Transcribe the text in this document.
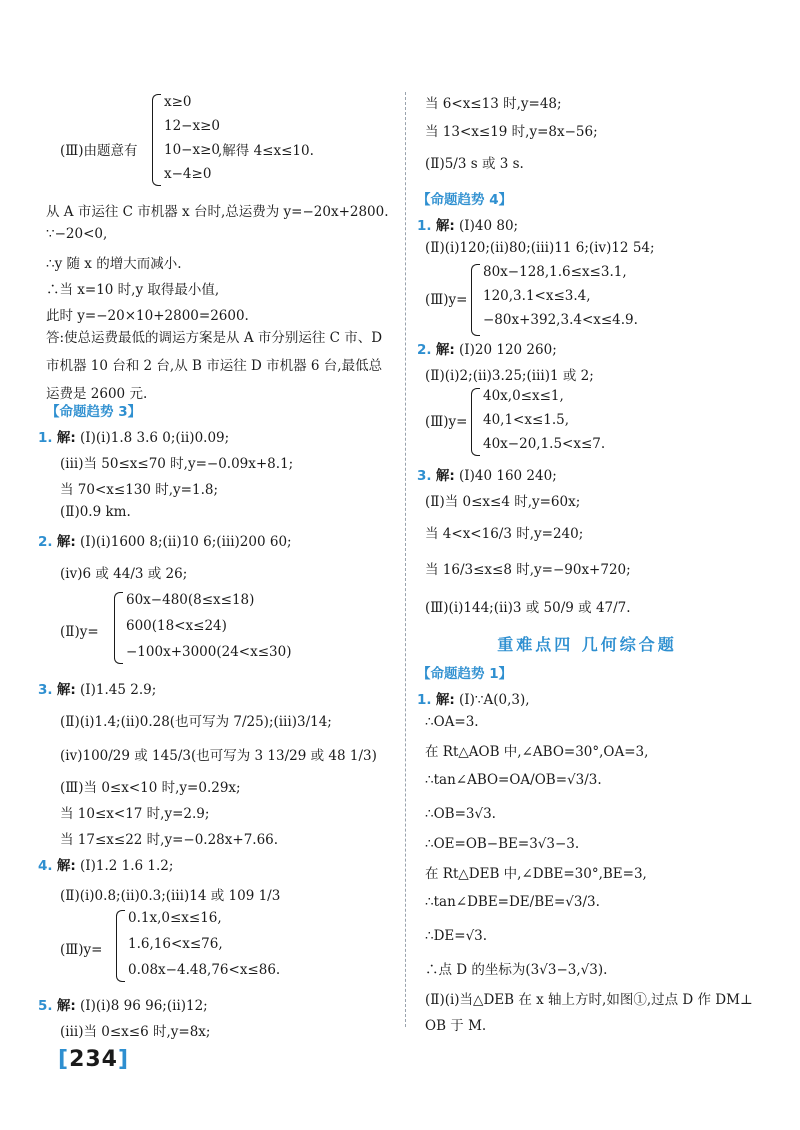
(Ⅲ)由题意有
x≥0
12−x≥0
10−x≥0
x−4≥0
,解得 4≤x≤10.
从 A 市运往 C 市机器 x 台时,总运费为 y=−20x+2800.
∵−20<0,
∴y 随 x 的增大而减小.
∴当 x=10 时,y 取得最小值,
此时 y=−20×10+2800=2600.
答:使总运费最低的调运方案是从 A 市分别运往 C 市、D 市机器 10 台和 2 台,从 B 市运往 D 市机器 6 台,最低总运费是 2600 元.
【命题趋势 3】
1. 解: (Ⅰ)(ⅰ)1.8 3.6 0;(ⅱ)0.09;
(ⅲ)当 50≤x≤70 时,y=−0.09x+8.1;
当 70<x≤130 时,y=1.8;
(Ⅱ)0.9 km.
2. 解: (Ⅰ)(ⅰ)1600 8;(ⅱ)10 6;(ⅲ)200 60;
(ⅳ)6 或 44/3 或 26;
(Ⅱ)y=
60x−480(8≤x≤18)
600(18<x≤24)
−100x+3000(24<x≤30)
3. 解: (Ⅰ)1.45 2.9;
(Ⅱ)(ⅰ)1.4;(ⅱ)0.28(也可写为 7/25);(ⅲ)3/14;
(ⅳ)100/29 或 145/3(也可写为 3 13/29 或 48 1/3)
(Ⅲ)当 0≤x<10 时,y=0.29x;
当 10≤x<17 时,y=2.9;
当 17≤x≤22 时,y=−0.28x+7.66.
4. 解: (Ⅰ)1.2 1.6 1.2;
(Ⅱ)(ⅰ)0.8;(ⅱ)0.3;(ⅲ)14 或 109 1/3
(Ⅲ)y=
0.1x,0≤x≤16,
1.6,16<x≤76,
0.08x−4.48,76<x≤86.
5. 解: (Ⅰ)(ⅰ)8 96 96;(ⅱ)12;
(ⅲ)当 0≤x≤6 时,y=8x;
当 6<x≤13 时,y=48;
当 13<x≤19 时,y=8x−56;
(Ⅱ)5/3 s 或 3 s.
【命题趋势 4】
1. 解: (Ⅰ)40 80;
(Ⅱ)(ⅰ)120;(ⅱ)80;(ⅲ)11 6;(ⅳ)12 54;
(Ⅲ)y=
80x−128,1.6≤x≤3.1,
120,3.1<x≤3.4,
−80x+392,3.4<x≤4.9.
2. 解: (Ⅰ)20 120 260;
(Ⅱ)(ⅰ)2;(ⅱ)3.25;(ⅲ)1 或 2;
(Ⅲ)y=
40x,0≤x≤1,
40,1<x≤1.5,
40x−20,1.5<x≤7.
3. 解: (Ⅰ)40 160 240;
(Ⅱ)当 0≤x≤4 时,y=60x;
当 4<x<16/3 时,y=240;
当 16/3≤x≤8 时,y=−90x+720;
(Ⅲ)(ⅰ)144;(ⅱ)3 或 50/9 或 47/7.
重难点四 几何综合题
【命题趋势 1】
1. 解: (Ⅰ)∵A(0,3),
∴OA=3.
在 Rt△AOB 中,∠ABO=30°,OA=3,
∴tan∠ABO=OA/OB=√3/3.
∴OB=3√3.
∴OE=OB−BE=3√3−3.
在 Rt△DEB 中,∠DBE=30°,BE=3,
∴tan∠DBE=DE/BE=√3/3.
∴DE=√3.
∴点 D 的坐标为(3√3−3,√3).
(Ⅱ)(ⅰ)当△DEB 在 x 轴上方时,如图①,过点 D 作 DM⊥
OB 于 M.
[234]
